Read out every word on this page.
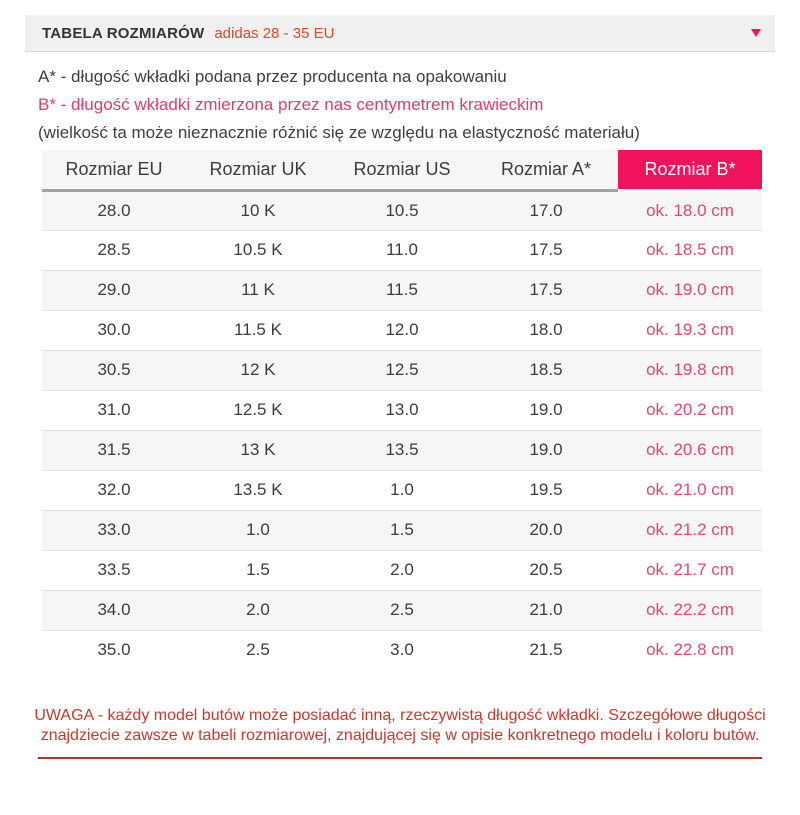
TABELA ROZMIARÓW adidas 28 - 35 EU

A* - długość wkładki podana przez producenta na opakowaniu

B* - długość wkładki zmierzona przez nas centymetrem krawieckim

(wielkość ta może nieznacznie różnić się ze względu na elastyczność materiału)

Rozmiar EU	Rozmiar UK	Rozmiar US	Rozmiar A*	Rozmiar B*
28.0	10 K	10.5	17.0	ok. 18.0 cm
28.5	10.5 K	11.0	17.5	ok. 18.5 cm
29.0	11 K	11.5	17.5	ok. 19.0 cm
30.0	11.5 K	12.0	18.0	ok. 19.3 cm
30.5	12 K	12.5	18.5	ok. 19.8 cm
31.0	12.5 K	13.0	19.0	ok. 20.2 cm
31.5	13 K	13.5	19.0	ok. 20.6 cm
32.0	13.5 K	1.0	19.5	ok. 21.0 cm
33.0	1.0	1.5	20.0	ok. 21.2 cm
33.5	1.5	2.0	20.5	ok. 21.7 cm
34.0	2.0	2.5	21.0	ok. 22.2 cm
35.0	2.5	3.0	21.5	ok. 22.8 cm

UWAGA - każdy model butów może posiadać inną, rzeczywistą długość wkładki. Szczegółowe długości znajdziecie zawsze w tabeli rozmiarowej, znajdującej się w opisie konkretnego modelu i koloru butów.
